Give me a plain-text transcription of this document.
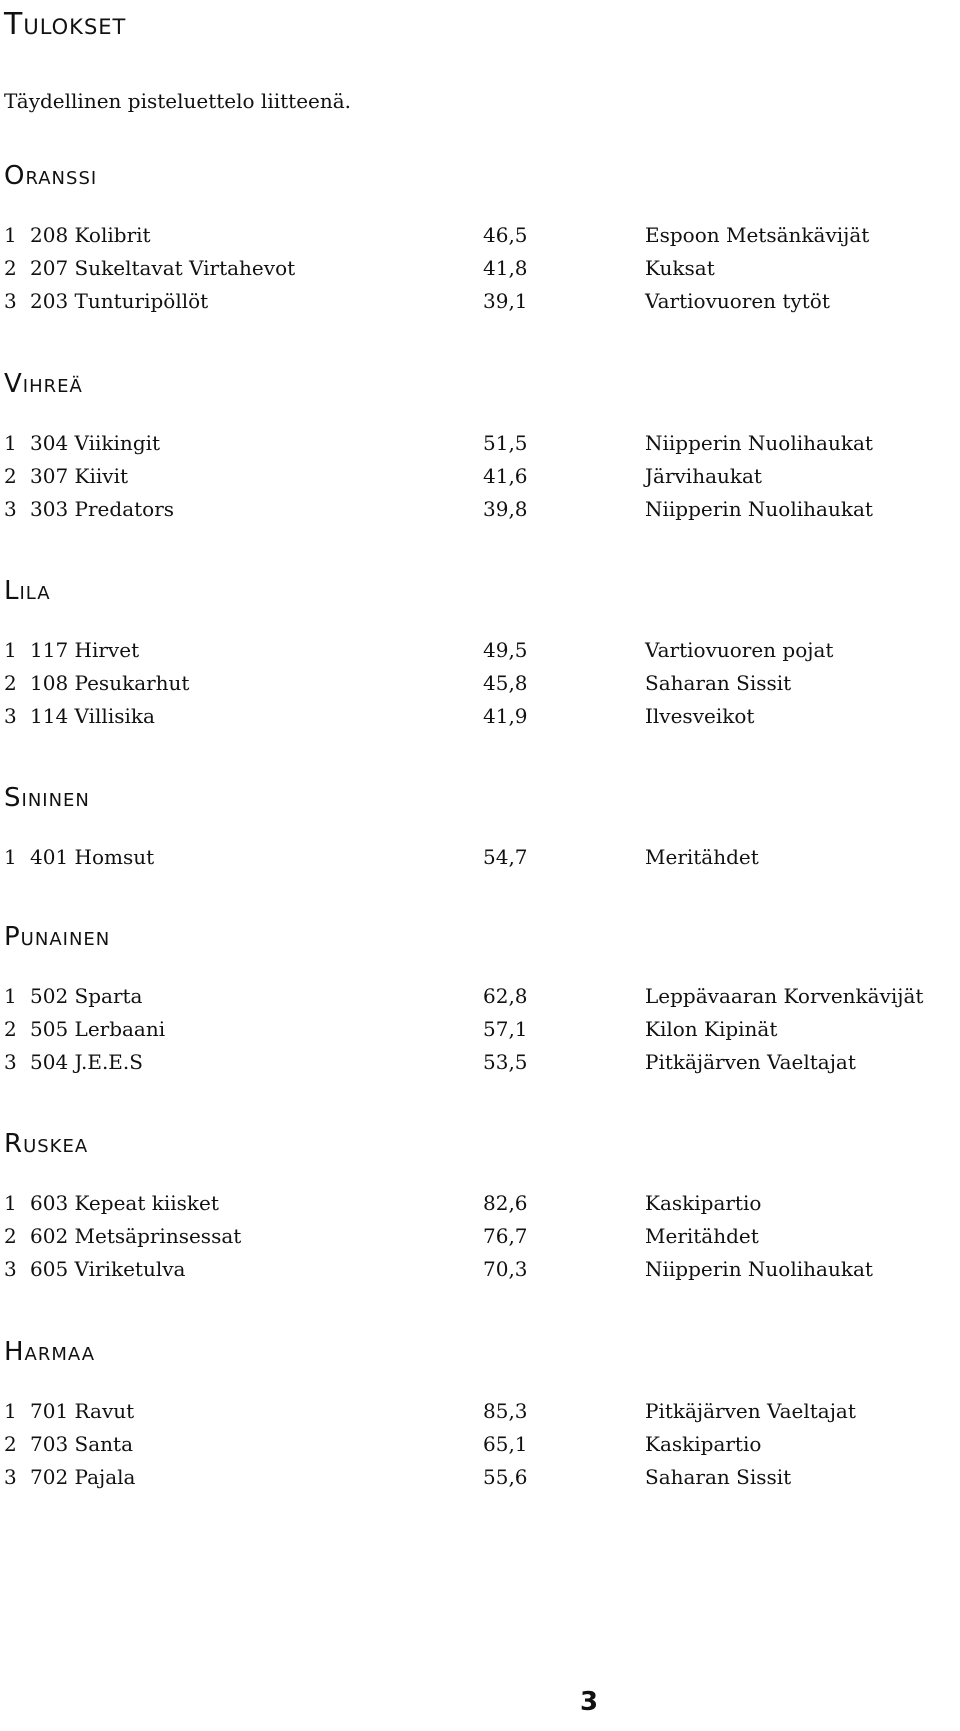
Tulokset
Täydellinen pisteluettelo liitteenä.
Oranssi
1 208 Kolibrit	46,5	Espoon Metsänkävijät
2 207 Sukeltavat Virtahevot	41,8	Kuksat
3 203 Tunturipöllöt	39,1	Vartiovuoren tytöt
Vihreä
1 304 Viikingit	51,5	Niipperin Nuolihaukat
2 307 Kiivit	41,6	Järvihaukat
3 303 Predators	39,8	Niipperin Nuolihaukat
Lila
1 117 Hirvet	49,5	Vartiovuoren pojat
2 108 Pesukarhut	45,8	Saharan Sissit
3 114 Villisika	41,9	Ilvesveikot
Sininen
1 401 Homsut	54,7	Meritähdet
Punainen
1 502 Sparta	62,8	Leppävaaran Korvenkävijät
2 505 Lerbaani	57,1	Kilon Kipinät
3 504 J.E.E.S	53,5	Pitkäjärven Vaeltajat
Ruskea
1 603 Kepeat kiisket	82,6	Kaskipartio
2 602 Metsäprinsessat	76,7	Meritähdet
3 605 Viriketulva	70,3	Niipperin Nuolihaukat
Harmaa
1 701 Ravut	85,3	Pitkäjärven Vaeltajat
2 703 Santa	65,1	Kaskipartio
3 702 Pajala	55,6	Saharan Sissit
3
